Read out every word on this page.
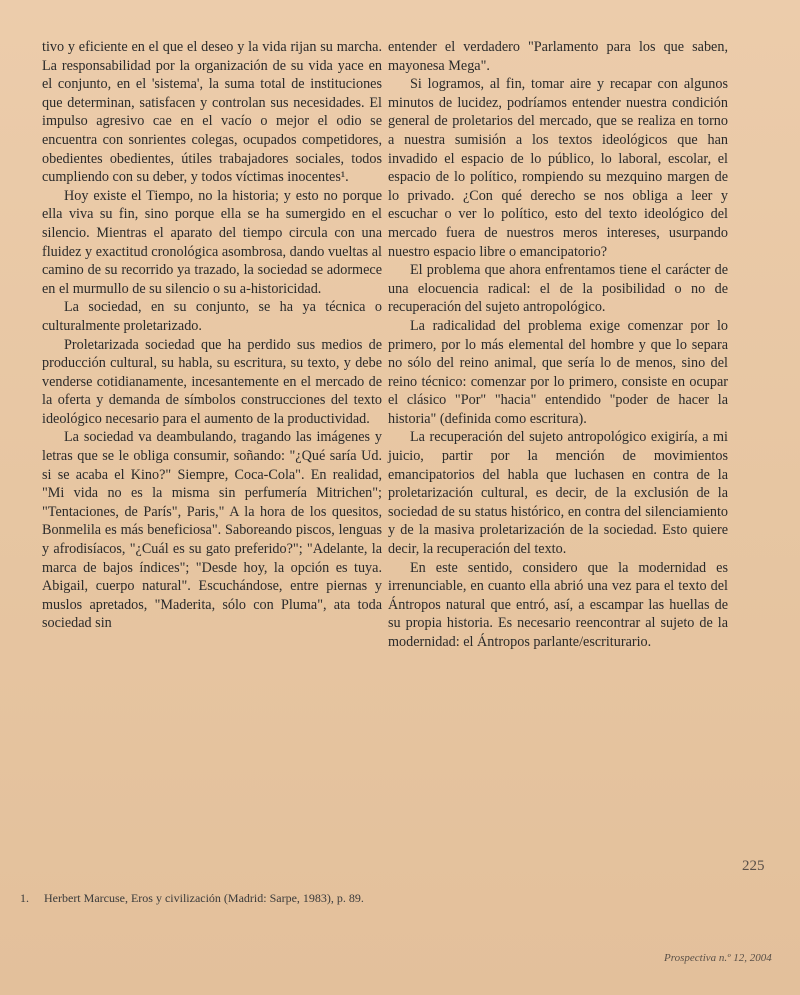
tivo y eficiente en el que el deseo y la vida rijan su marcha. La responsabilidad por la organización de su vida yace en el conjunto, en el 'sistema', la suma total de instituciones que determinan, satisfacen y controlan sus necesidades. El impulso agresivo cae en el vacío o mejor el odio se encuentra con sonrientes colegas, ocupados competidores, obedientes obedientes, útiles trabajadores sociales, todos cumpliendo con su deber, y todos víctimas inocentes¹.

Hoy existe el Tiempo, no la historia; y esto no porque ella viva su fin, sino porque ella se ha sumergido en el silencio. Mientras el aparato del tiempo circula con una fluidez y exactitud cronológica asombrosa, dando vueltas al camino de su recorrido ya trazado, la sociedad se adormece en el murmullo de su silencio o su a-historicidad.

La sociedad, en su conjunto, se ha ya técnica o culturalmente proletarizado.

Proletarizada sociedad que ha perdido sus medios de producción cultural, su habla, su escritura, su texto, y debe venderse cotidianamente, incesantemente en el mercado de la oferta y demanda de símbolos construcciones del texto ideológico necesario para el aumento de la productividad.

La sociedad va deambulando, tragando las imágenes y letras que se le obliga consumir, soñando: "¿Qué saría Ud. si se acaba el Kino?" Siempre, Coca-Cola". En realidad, "Mi vida no es la misma sin perfumería Mitrichen"; "Tentaciones, de París", Paris," A la hora de los quesitos, Bonmelila es más beneficiosa". Saboreando piscos, lenguas y afrodisíacos, "¿Cuál es su gato preferido?"; "Adelante, la marca de bajos índices"; "Desde hoy, la opción es tuya. Abigail, cuerpo natural". Escuchándose, entre piernas y muslos apretados, "Maderita, sólo con Pluma", ata toda sociedad sin

entender el verdadero "Parlamento para los que saben, mayonesa Mega".

Si logramos, al fin, tomar aire y recapar con algunos minutos de lucidez, podríamos entender nuestra condición general de proletarios del mercado, que se realiza en torno a nuestra sumisión a los textos ideológicos que han invadido el espacio de lo público, lo laboral, escolar, el espacio de lo político, rompiendo su mezquino margen de lo privado. ¿Con qué derecho se nos obliga a leer y escuchar o ver lo político, esto del texto ideológico del mercado fuera de nuestros meros intereses, usurpando nuestro espacio libre o emancipatorio?

El problema que ahora enfrentamos tiene el carácter de una elocuencia radical: el de la posibilidad o no de recuperación del sujeto antropológico.

La radicalidad del problema exige comenzar por lo primero, por lo más elemental del hombre y que lo separa no sólo del reino animal, que sería lo de menos, sino del reino técnico: comenzar por lo primero, consiste en ocupar el clásico "Por" "hacia" entendido "poder de hacer la historia" (definida como escritura).

La recuperación del sujeto antropológico exigiría, a mi juicio, partir por la mención de movimientos emancipatorios del habla que luchasen en contra de la proletarización cultural, es decir, de la exclusión de la sociedad de su status histórico, en contra del silenciamiento y de la masiva proletarización de la sociedad. Esto quiere decir, la recuperación del texto.

En este sentido, considero que la modernidad es irrenunciable, en cuanto ella abrió una vez para el texto del Ántropos natural que entró, así, a escampar las huellas de su propia historia. Es necesario reencontrar al sujeto de la modernidad: el Ántropos parlante/escriturario.

225
1. Herbert Marcuse, Eros y civilización (Madrid: Sarpe, 1983), p. 89.
Prospectiva n.º 12, 2004
